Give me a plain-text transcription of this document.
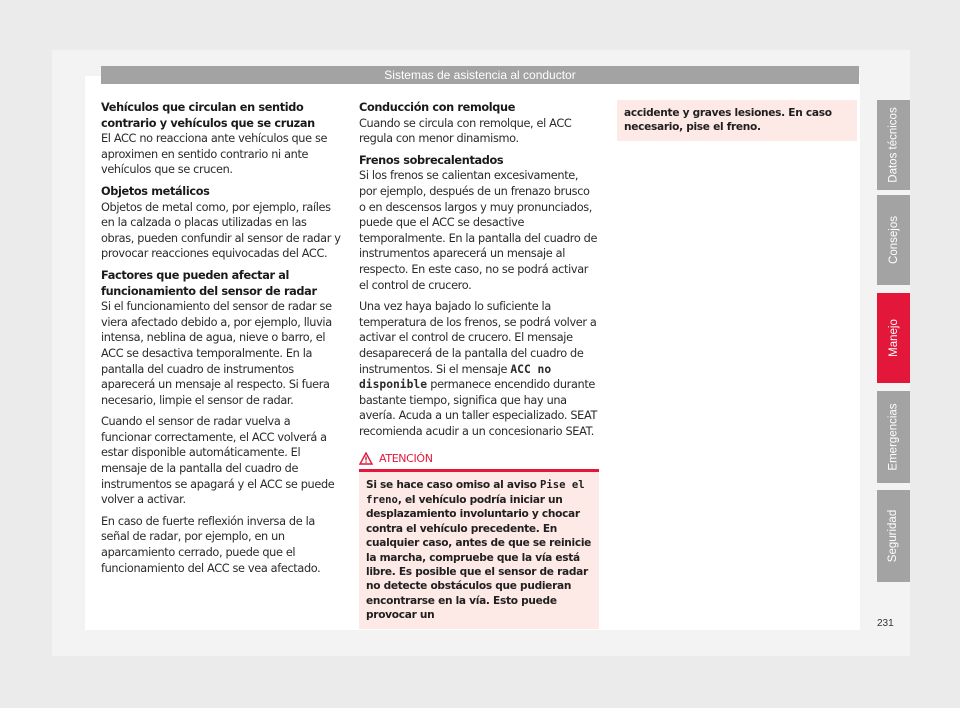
Sistemas de asistencia al conductor
Vehículos que circulan en sentido contrario y vehículos que se cruzan

El ACC no reacciona ante vehículos que se aproximen en sentido contrario ni ante vehículos que se crucen.

Objetos metálicos

Objetos de metal como, por ejemplo, raíles en la calzada o placas utilizadas en las obras, pueden confundir al sensor de radar y provocar reacciones equivocadas del ACC.

Factores que pueden afectar al funcionamiento del sensor de radar

Si el funcionamiento del sensor de radar se viera afectado debido a, por ejemplo, lluvia intensa, neblina de agua, nieve o barro, el ACC se desactiva temporalmente. En la pantalla del cuadro de instrumentos aparecerá un mensaje al respecto. Si fuera necesario, limpie el sensor de radar.

Cuando el sensor de radar vuelva a funcionar correctamente, el ACC volverá a estar disponible automáticamente. El mensaje de la pantalla del cuadro de instrumentos se apagará y el ACC se puede volver a activar.

En caso de fuerte reflexión inversa de la señal de radar, por ejemplo, en un aparcamiento cerrado, puede que el funcionamiento del ACC se vea afectado.

Conducción con remolque

Cuando se circula con remolque, el ACC regula con menor dinamismo.

Frenos sobrecalentados

Si los frenos se calientan excesivamente, por ejemplo, después de un frenazo brusco o en descensos largos y muy pronunciados, puede que el ACC se desactive temporalmente. En la pantalla del cuadro de instrumentos aparecerá un mensaje al respecto. En este caso, no se podrá activar el control de crucero.

Una vez haya bajado lo suficiente la temperatura de los frenos, se podrá volver a activar el control de crucero. El mensaje desaparecerá de la pantalla del cuadro de instrumentos. Si el mensaje ACC no disponible permanece encendido durante bastante tiempo, significa que hay una avería. Acuda a un taller especializado. SEAT recomienda acudir a un concesionario SEAT.

ATENCIÓN
Si se hace caso omiso al aviso Pise el freno, el vehículo podría iniciar un desplazamiento involuntario y chocar contra el vehículo precedente. En cualquier caso, antes de que se reinicie la marcha, compruebe que la vía está libre. Es posible que el sensor de radar no detecte obstáculos que pudieran encontrarse en la vía. Esto puede provocar un
accidente y graves lesiones. En caso necesario, pise el freno.	Datos técnicos
Consejos
Manejo
Emergencias
Seguridad
231
